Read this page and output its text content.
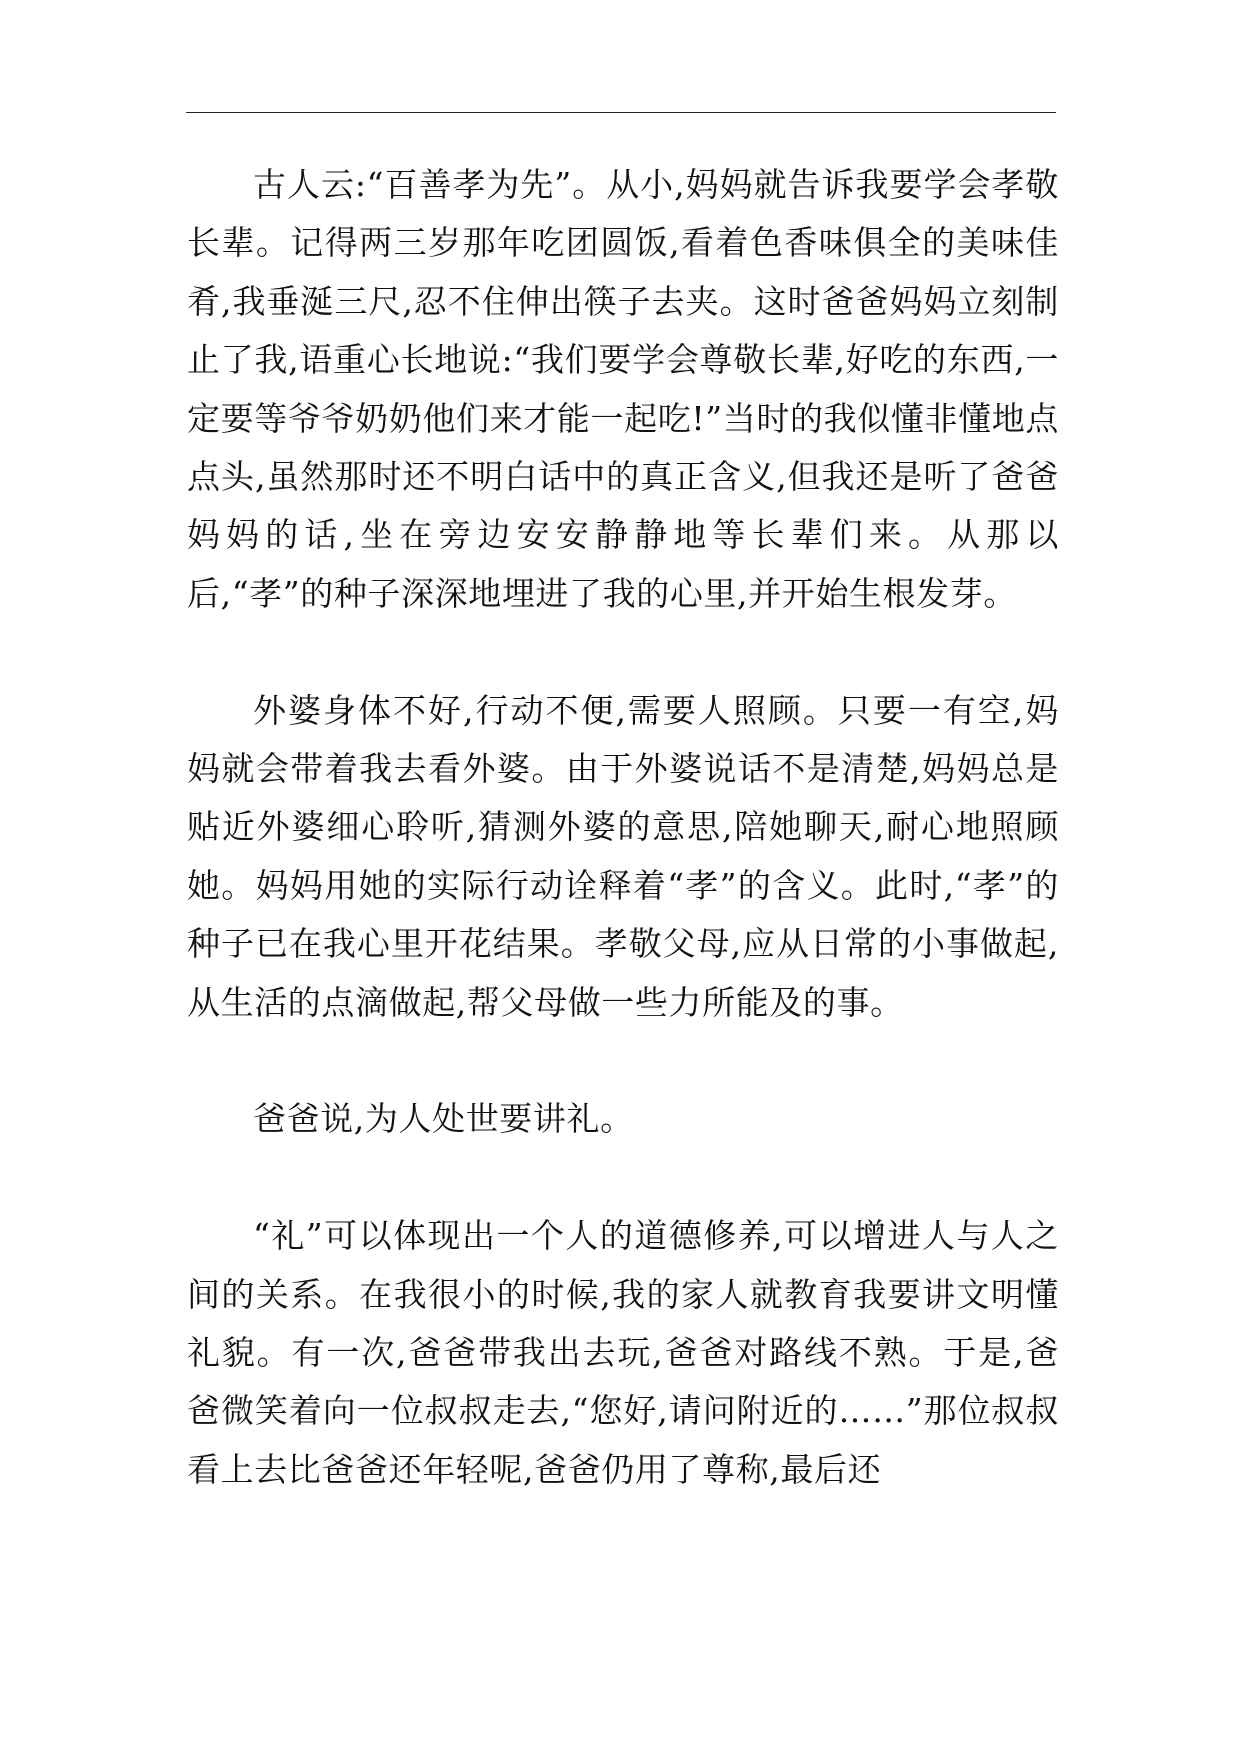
古人云:“百善孝为先”。从小,妈妈就告诉我要学会孝敬长辈。记得两三岁那年吃团圆饭,看着色香味俱全的美味佳肴,我垂涎三尺,忍不住伸出筷子去夹。这时爸爸妈妈立刻制止了我,语重心长地说:“我们要学会尊敬长辈,好吃的东西,一定要等爷爷奶奶他们来才能一起吃!”当时的我似懂非懂地点点头,虽然那时还不明白话中的真正含义,但我还是听了爸爸妈妈的话,坐在旁边安安静静地等长辈们来。从那以后,“孝”的种子深深地埋进了我的心里,并开始生根发芽。

外婆身体不好,行动不便,需要人照顾。只要一有空,妈妈就会带着我去看外婆。由于外婆说话不是清楚,妈妈总是贴近外婆细心聆听,猜测外婆的意思,陪她聊天,耐心地照顾她。妈妈用她的实际行动诠释着“孝”的含义。此时,“孝”的种子已在我心里开花结果。孝敬父母,应从日常的小事做起,从生活的点滴做起,帮父母做一些力所能及的事。

爸爸说,为人处世要讲礼。

“礼”可以体现出一个人的道德修养,可以增进人与人之间的关系。在我很小的时候,我的家人就教育我要讲文明懂礼貌。有一次,爸爸带我出去玩,爸爸对路线不熟。于是,爸爸微笑着向一位叔叔走去,“您好,请问附近的……”那位叔叔看上去比爸爸还年轻呢,爸爸仍用了尊称,最后还
